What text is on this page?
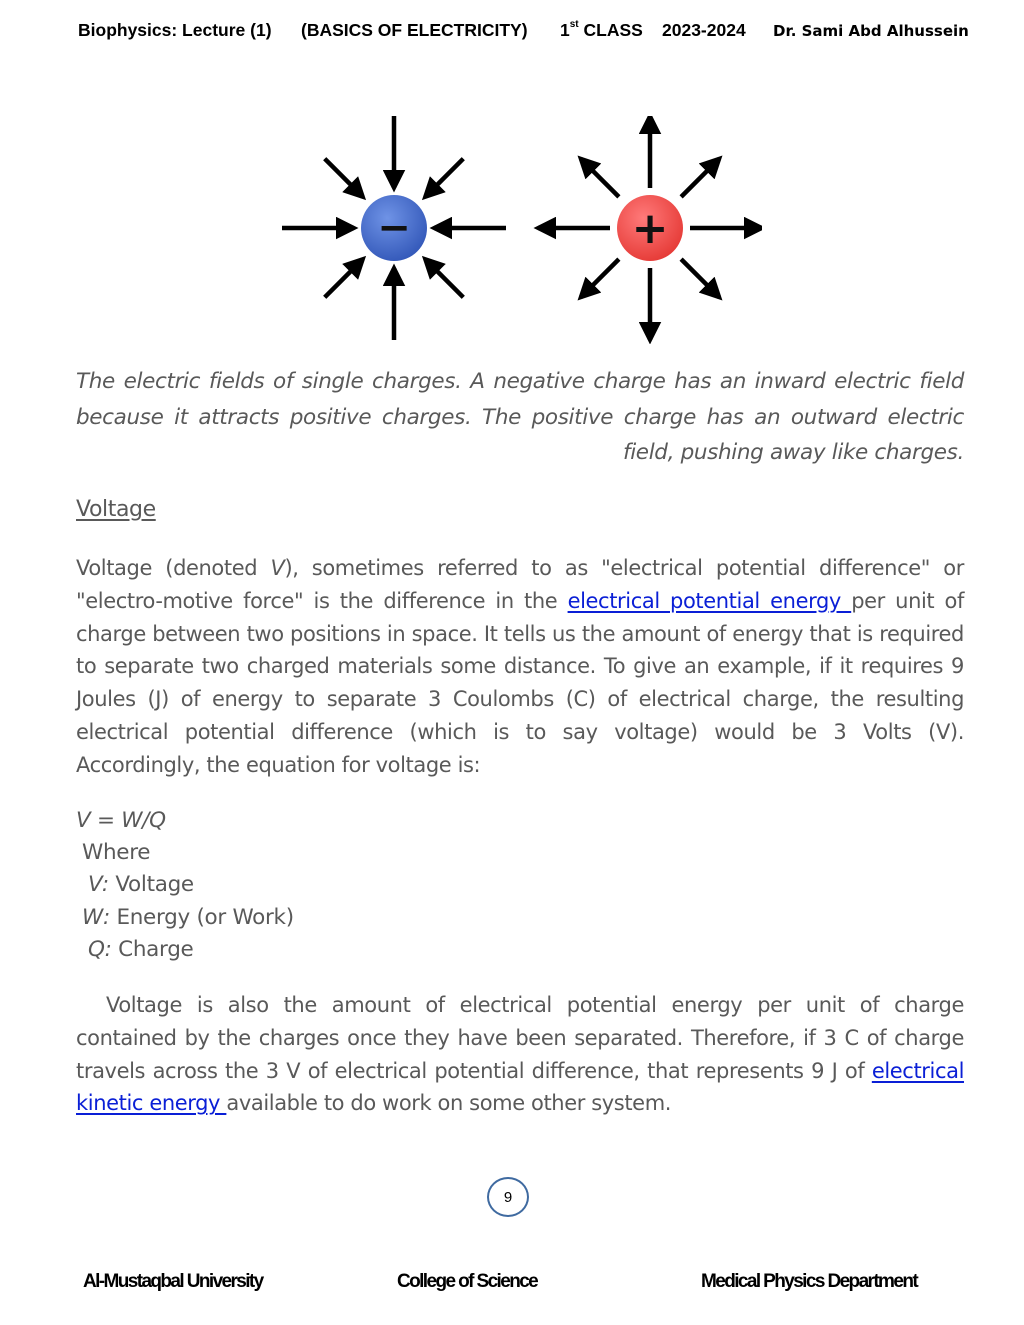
Biophysics: Lecture (1) (BASICS OF ELECTRICITY) 1st CLASS 2023-2024 Dr. Sami Abd Alhussein
−	+
The electric fields of single charges. A negative charge has an inward electric field because it attracts positive charges. The positive charge has an outward electric field, pushing away like charges.
Voltage
Voltage (denoted V), sometimes referred to as "electrical potential difference" or "electro-motive force" is the difference in the electrical potential energy per unit of charge between two positions in space. It tells us the amount of energy that is required to separate two charged materials some distance. To give an example, if it requires 9 Joules (J) of energy to separate 3 Coulombs (C) of electrical charge, the resulting electrical potential difference (which is to say voltage) would be 3 Volts (V). Accordingly, the equation for voltage is:
V = W/Q
Where
V: Voltage
W: Energy (or Work)
Q: Charge
Voltage is also the amount of electrical potential energy per unit of charge contained by the charges once they have been separated. Therefore, if 3 C of charge travels across the 3 V of electrical potential difference, that represents 9 J of electrical kinetic energy available to do work on some other system.
9
Al-Mustaqbal University	College of Science	Medical Physics Department
